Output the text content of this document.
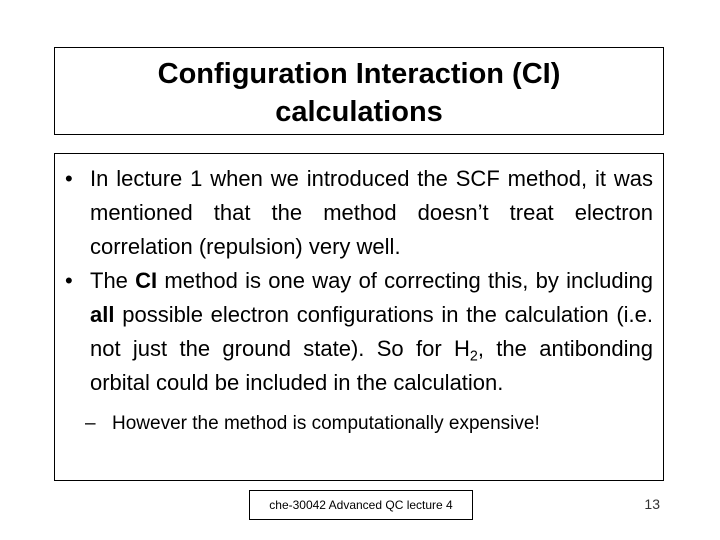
Configuration Interaction (CI)
calculations

• In lecture 1 when we introduced the SCF method, it was mentioned that the method doesn’t treat electron correlation (repulsion) very well.
• The CI method is one way of correcting this, by including all possible electron configurations in the calculation (i.e. not just the ground state). So for $H_2$, the antibonding orbital could be included in the calculation.
– However the method is computationally expensive!
che-30042 Advanced QC lecture 4	13
